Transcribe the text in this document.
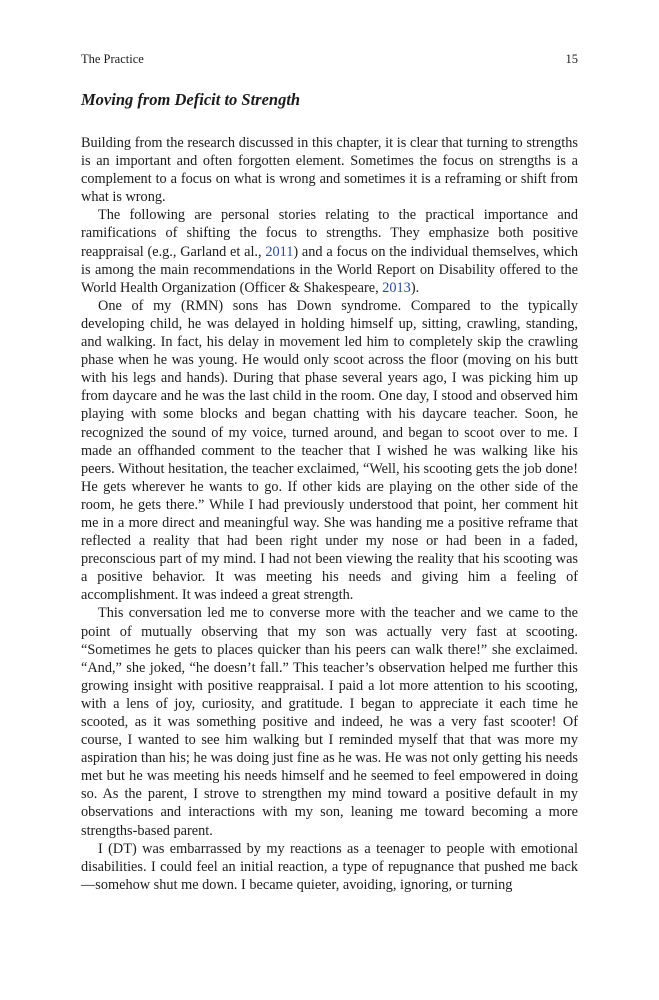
The Practice	15
Moving from Deficit to Strength

Building from the research discussed in this chapter, it is clear that turning to strengths is an important and often forgotten element. Sometimes the focus on strengths is a complement to a focus on what is wrong and sometimes it is a reframing or shift from what is wrong.

The following are personal stories relating to the practical importance and ramifications of shifting the focus to strengths. They emphasize both positive reappraisal (e.g., Garland et al., 2011) and a focus on the individual themselves, which is among the main recommendations in the World Report on Disability offered to the World Health Organization (Officer & Shakespeare, 2013).

One of my (RMN) sons has Down syndrome. Compared to the typically developing child, he was delayed in holding himself up, sitting, crawling, standing, and walking. In fact, his delay in movement led him to completely skip the crawling phase when he was young. He would only scoot across the floor (moving on his butt with his legs and hands). During that phase several years ago, I was picking him up from daycare and he was the last child in the room. One day, I stood and observed him playing with some blocks and began chatting with his daycare teacher. Soon, he recognized the sound of my voice, turned around, and began to scoot over to me. I made an offhanded comment to the teacher that I wished he was walking like his peers. Without hesitation, the teacher exclaimed, “Well, his scooting gets the job done! He gets wherever he wants to go. If other kids are playing on the other side of the room, he gets there.” While I had previously understood that point, her comment hit me in a more direct and meaningful way. She was handing me a positive reframe that reflected a reality that had been right under my nose or had been in a faded, preconscious part of my mind. I had not been viewing the reality that his scooting was a positive behavior. It was meeting his needs and giving him a feeling of accomplishment. It was indeed a great strength.

This conversation led me to converse more with the teacher and we came to the point of mutually observing that my son was actually very fast at scooting. “Sometimes he gets to places quicker than his peers can walk there!” she exclaimed. “And,” she joked, “he doesn’t fall.” This teacher’s observation helped me further this growing insight with positive reappraisal. I paid a lot more attention to his scooting, with a lens of joy, curiosity, and gratitude. I began to appreciate it each time he scooted, as it was something positive and indeed, he was a very fast scooter! Of course, I wanted to see him walking but I reminded myself that that was more my aspiration than his; he was doing just fine as he was. He was not only getting his needs met but he was meeting his needs himself and he seemed to feel empowered in doing so. As the parent, I strove to strengthen my mind toward a positive default in my observations and interactions with my son, leaning me toward becoming a more strengths-based parent.

I (DT) was embarrassed by my reactions as a teenager to people with emotional disabilities. I could feel an initial reaction, a type of repugnance that pushed me back—somehow shut me down. I became quieter, avoiding, ignoring, or turning
